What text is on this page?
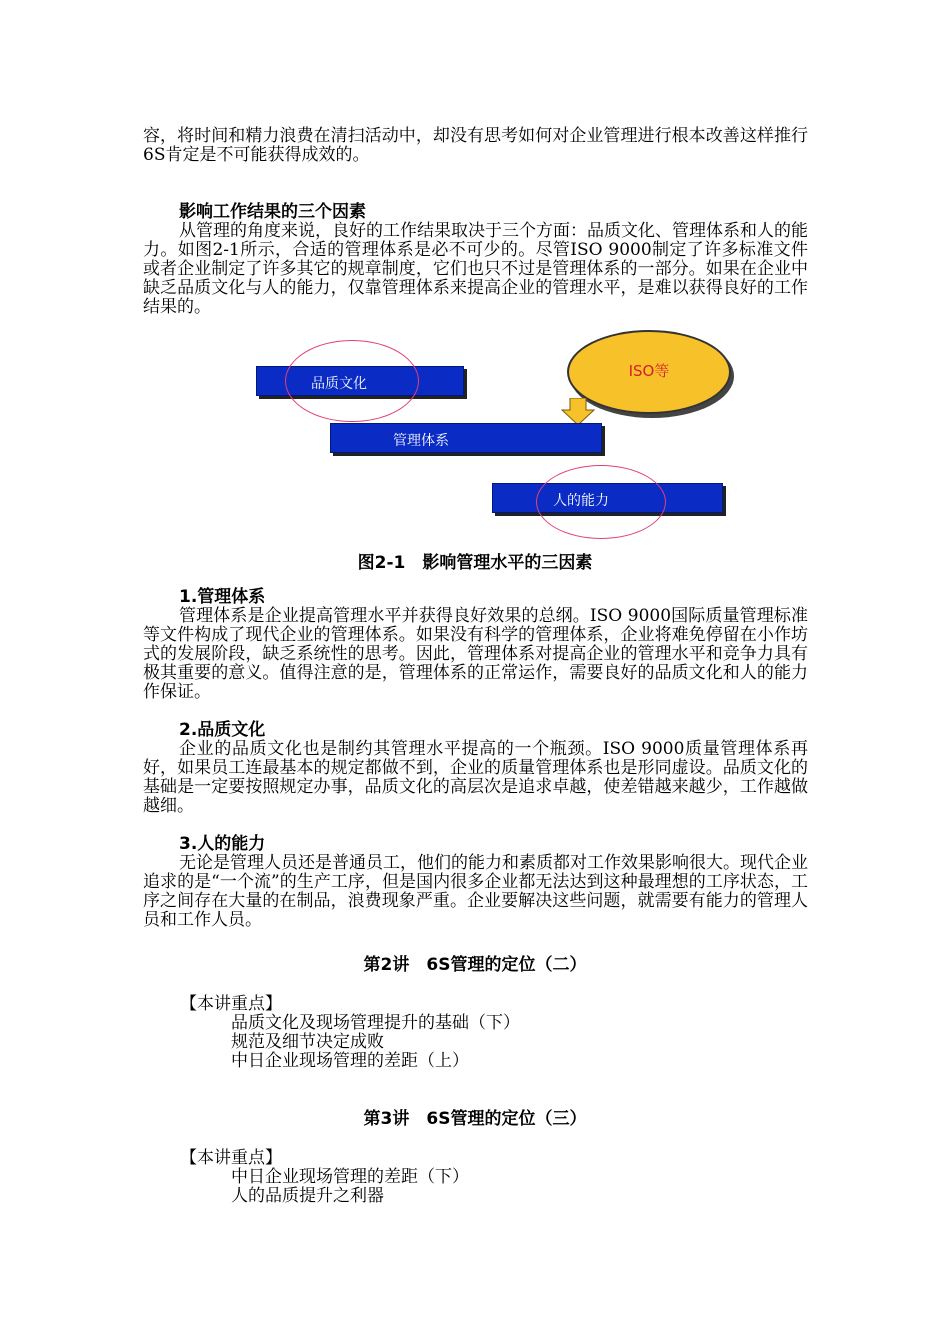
容，将时间和精力浪费在清扫活动中，却没有思考如何对企业管理进行根本改善这样推行6S肯定是不可能获得成效的。

影响工作结果的三个因素

从管理的角度来说，良好的工作结果取决于三个方面：品质文化、管理体系和人的能力。如图2-1所示，合适的管理体系是必不可少的。尽管ISO 9000制定了许多标准文件或者企业制定了许多其它的规章制度，它们也只不过是管理体系的一部分。如果在企业中缺乏品质文化与人的能力，仅靠管理体系来提高企业的管理水平，是难以获得良好的工作结果的。

ISO等
品质文化
管理体系
人的能力

图2-1　影响管理水平的三因素

1.管理体系

管理体系是企业提高管理水平并获得良好效果的总纲。ISO 9000国际质量管理标准等文件构成了现代企业的管理体系。如果没有科学的管理体系，企业将难免停留在小作坊式的发展阶段，缺乏系统性的思考。因此，管理体系对提高企业的管理水平和竞争力具有极其重要的意义。值得注意的是，管理体系的正常运作，需要良好的品质文化和人的能力作保证。

2.品质文化

企业的品质文化也是制约其管理水平提高的一个瓶颈。ISO 9000质量管理体系再好，如果员工连最基本的规定都做不到，企业的质量管理体系也是形同虚设。品质文化的基础是一定要按照规定办事，品质文化的高层次是追求卓越，使差错越来越少，工作越做越细。

3.人的能力

无论是管理人员还是普通员工，他们的能力和素质都对工作效果影响很大。现代企业追求的是“一个流”的生产工序，但是国内很多企业都无法达到这种最理想的工序状态，工序之间存在大量的在制品，浪费现象严重。企业要解决这些问题，就需要有能力的管理人员和工作人员。

第2讲　6S管理的定位（二）

【本讲重点】

品质文化及现场管理提升的基础（下）

规范及细节决定成败

中日企业现场管理的差距（上）

第3讲　6S管理的定位（三）

【本讲重点】

中日企业现场管理的差距（下）

人的品质提升之利器
